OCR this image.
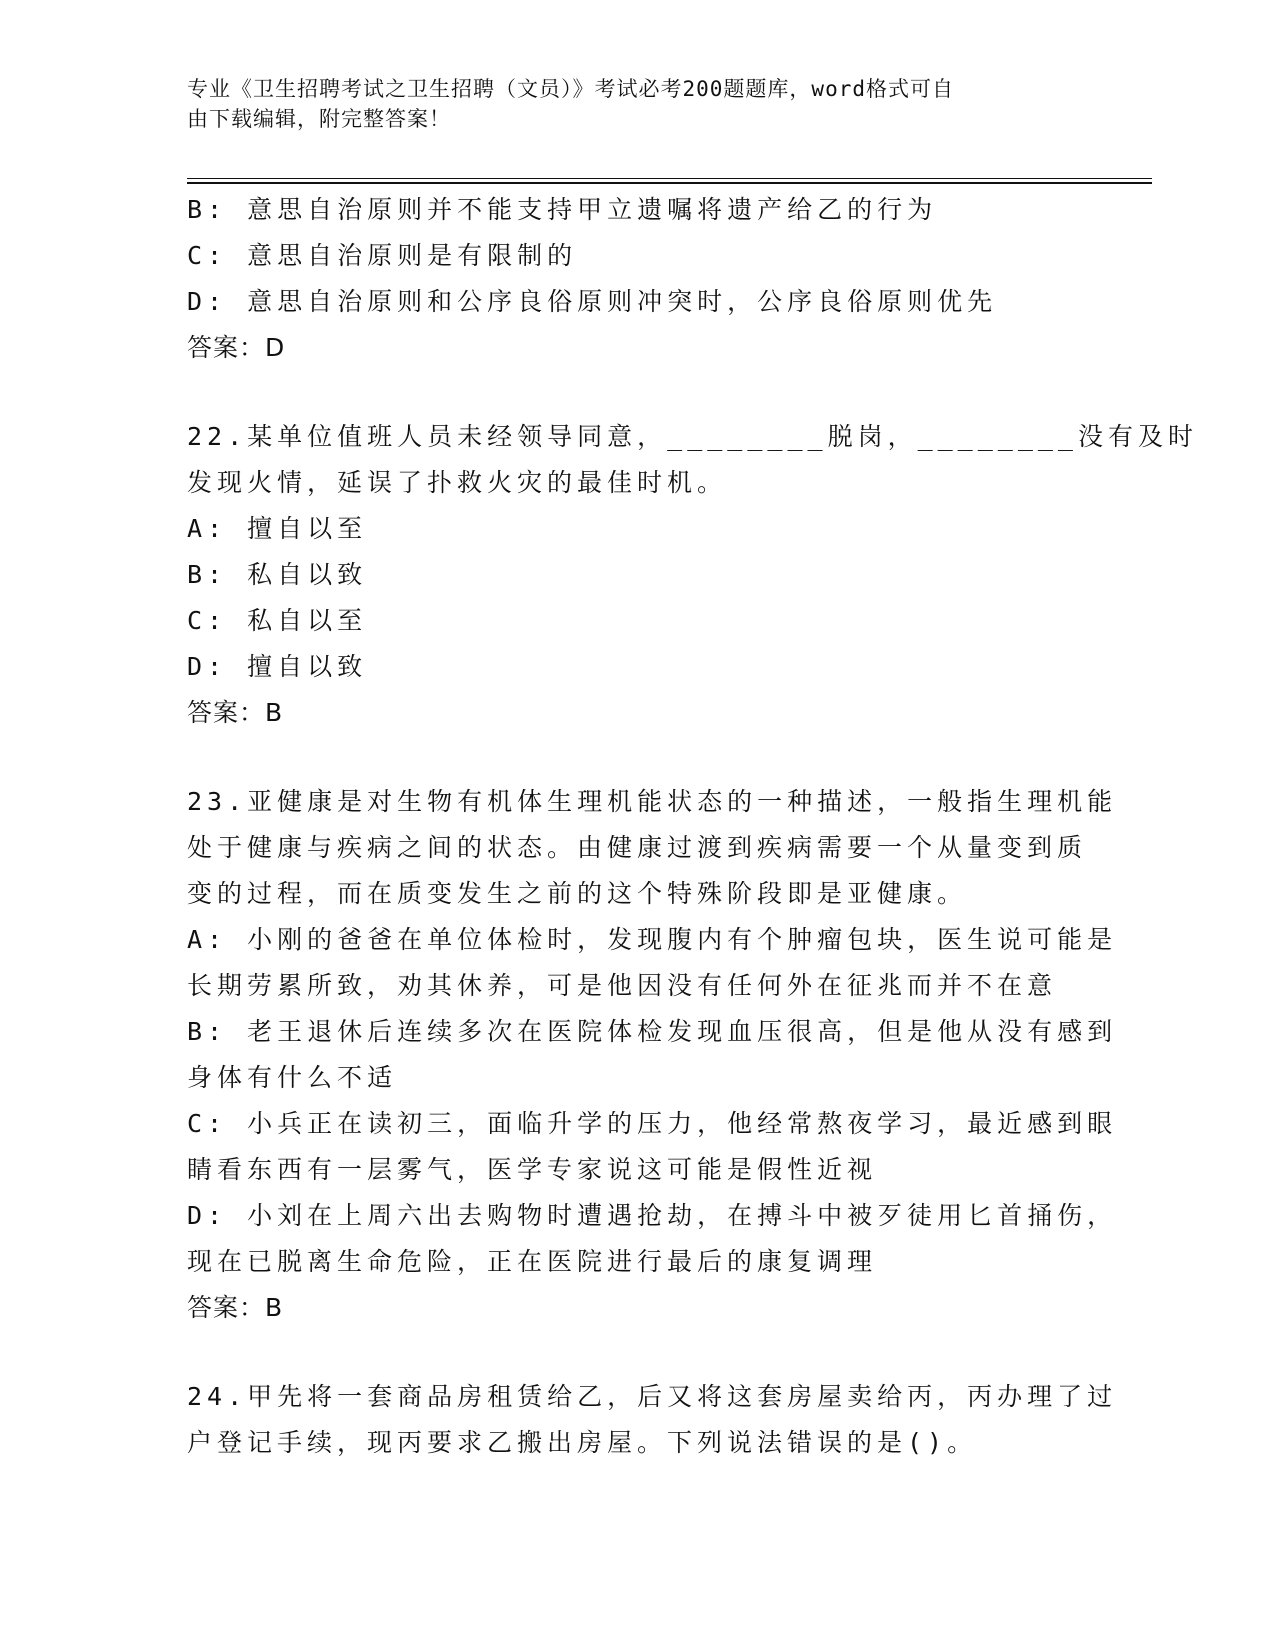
专业《卫生招聘考试之卫生招聘（文员）》考试必考200题题库，word格式可自
由下载编辑，附完整答案！
B: 意思自治原则并不能支持甲立遗嘱将遗产给乙的行为
C: 意思自治原则是有限制的
D: 意思自治原则和公序良俗原则冲突时，公序良俗原则优先
答案：D
22.某单位值班人员未经领导同意，________脱岗，________没有及时
发现火情，延误了扑救火灾的最佳时机。
A: 擅自以至
B: 私自以致
C: 私自以至
D: 擅自以致
答案：B
23.亚健康是对生物有机体生理机能状态的一种描述，一般指生理机能
处于健康与疾病之间的状态。由健康过渡到疾病需要一个从量变到质
变的过程，而在质变发生之前的这个特殊阶段即是亚健康。
A: 小刚的爸爸在单位体检时，发现腹内有个肿瘤包块，医生说可能是
长期劳累所致，劝其休养，可是他因没有任何外在征兆而并不在意
B: 老王退休后连续多次在医院体检发现血压很高，但是他从没有感到
身体有什么不适
C: 小兵正在读初三，面临升学的压力，他经常熬夜学习，最近感到眼
睛看东西有一层雾气，医学专家说这可能是假性近视
D: 小刘在上周六出去购物时遭遇抢劫，在搏斗中被歹徒用匕首捅伤，
现在已脱离生命危险，正在医院进行最后的康复调理
答案：B
24.甲先将一套商品房租赁给乙，后又将这套房屋卖给丙，丙办理了过
户登记手续，现丙要求乙搬出房屋。下列说法错误的是()。
